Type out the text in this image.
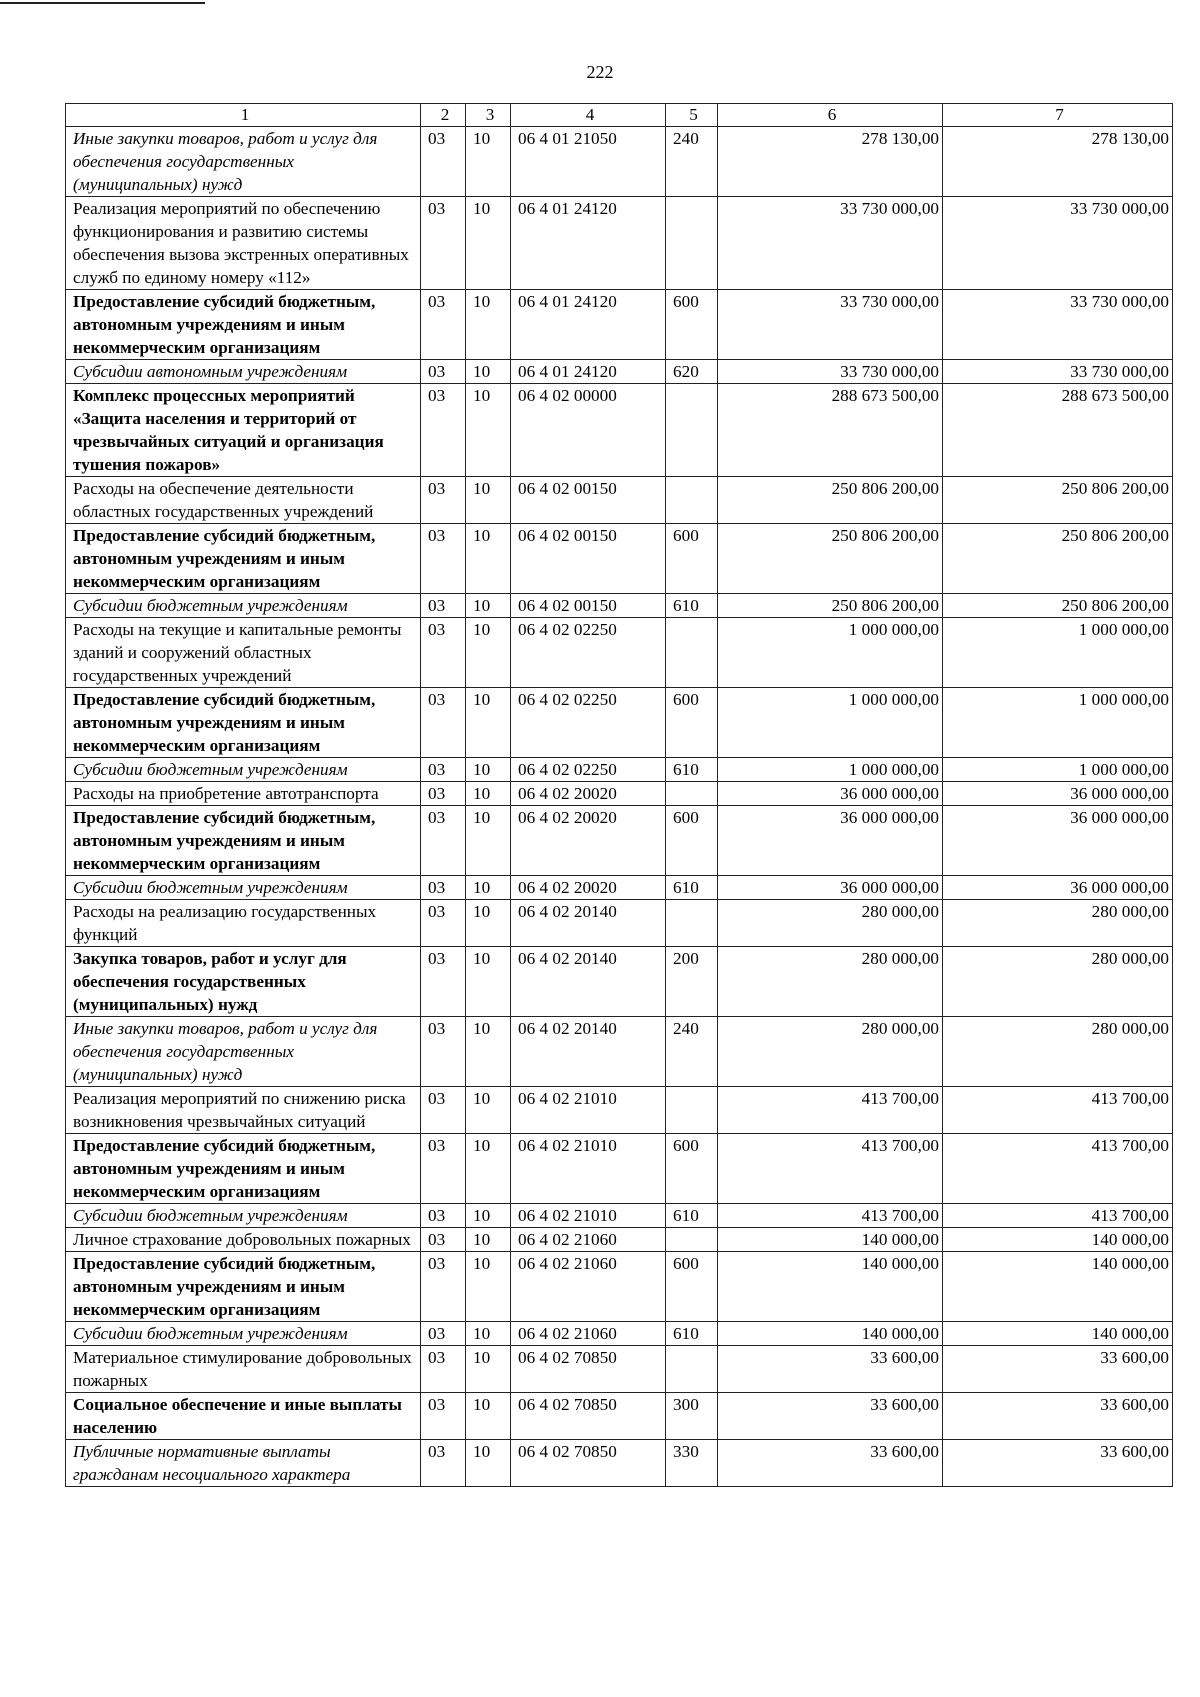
222
1	2	3	4	5	6	7
Иные закупки товаров, работ и услуг для обеспечения государственных (муниципальных) нужд	03	10	06 4 01 21050	240	278 130,00	278 130,00
Реализация мероприятий по обеспечению функционирования и развитию системы обеспечения вызова экстренных оперативных служб по единому номеру «112»	03	10	06 4 01 24120		33 730 000,00	33 730 000,00
Предоставление субсидий бюджетным, автономным учреждениям и иным некоммерческим организациям	03	10	06 4 01 24120	600	33 730 000,00	33 730 000,00
Субсидии автономным учреждениям	03	10	06 4 01 24120	620	33 730 000,00	33 730 000,00
Комплекс процессных мероприятий «Защита населения и территорий от чрезвычайных ситуаций и организация тушения пожаров»	03	10	06 4 02 00000		288 673 500,00	288 673 500,00
Расходы на обеспечение деятельности областных государственных учреждений	03	10	06 4 02 00150		250 806 200,00	250 806 200,00
Предоставление субсидий бюджетным, автономным учреждениям и иным некоммерческим организациям	03	10	06 4 02 00150	600	250 806 200,00	250 806 200,00
Субсидии бюджетным учреждениям	03	10	06 4 02 00150	610	250 806 200,00	250 806 200,00
Расходы на текущие и капитальные ремонты зданий и сооружений областных государственных учреждений	03	10	06 4 02 02250		1 000 000,00	1 000 000,00
Предоставление субсидий бюджетным, автономным учреждениям и иным некоммерческим организациям	03	10	06 4 02 02250	600	1 000 000,00	1 000 000,00
Субсидии бюджетным учреждениям	03	10	06 4 02 02250	610	1 000 000,00	1 000 000,00
Расходы на приобретение автотранспорта	03	10	06 4 02 20020		36 000 000,00	36 000 000,00
Предоставление субсидий бюджетным, автономным учреждениям и иным некоммерческим организациям	03	10	06 4 02 20020	600	36 000 000,00	36 000 000,00
Субсидии бюджетным учреждениям	03	10	06 4 02 20020	610	36 000 000,00	36 000 000,00
Расходы на реализацию государственных функций	03	10	06 4 02 20140		280 000,00	280 000,00
Закупка товаров, работ и услуг для обеспечения государственных (муниципальных) нужд	03	10	06 4 02 20140	200	280 000,00	280 000,00
Иные закупки товаров, работ и услуг для обеспечения государственных (муниципальных) нужд	03	10	06 4 02 20140	240	280 000,00	280 000,00
Реализация мероприятий по снижению риска возникновения чрезвычайных ситуаций	03	10	06 4 02 21010		413 700,00	413 700,00
Предоставление субсидий бюджетным, автономным учреждениям и иным некоммерческим организациям	03	10	06 4 02 21010	600	413 700,00	413 700,00
Субсидии бюджетным учреждениям	03	10	06 4 02 21010	610	413 700,00	413 700,00
Личное страхование добровольных пожарных	03	10	06 4 02 21060		140 000,00	140 000,00
Предоставление субсидий бюджетным, автономным учреждениям и иным некоммерческим организациям	03	10	06 4 02 21060	600	140 000,00	140 000,00
Субсидии бюджетным учреждениям	03	10	06 4 02 21060	610	140 000,00	140 000,00
Материальное стимулирование добровольных пожарных	03	10	06 4 02 70850		33 600,00	33 600,00
Социальное обеспечение и иные выплаты населению	03	10	06 4 02 70850	300	33 600,00	33 600,00
Публичные нормативные выплаты гражданам несоциального характера	03	10	06 4 02 70850	330	33 600,00	33 600,00
